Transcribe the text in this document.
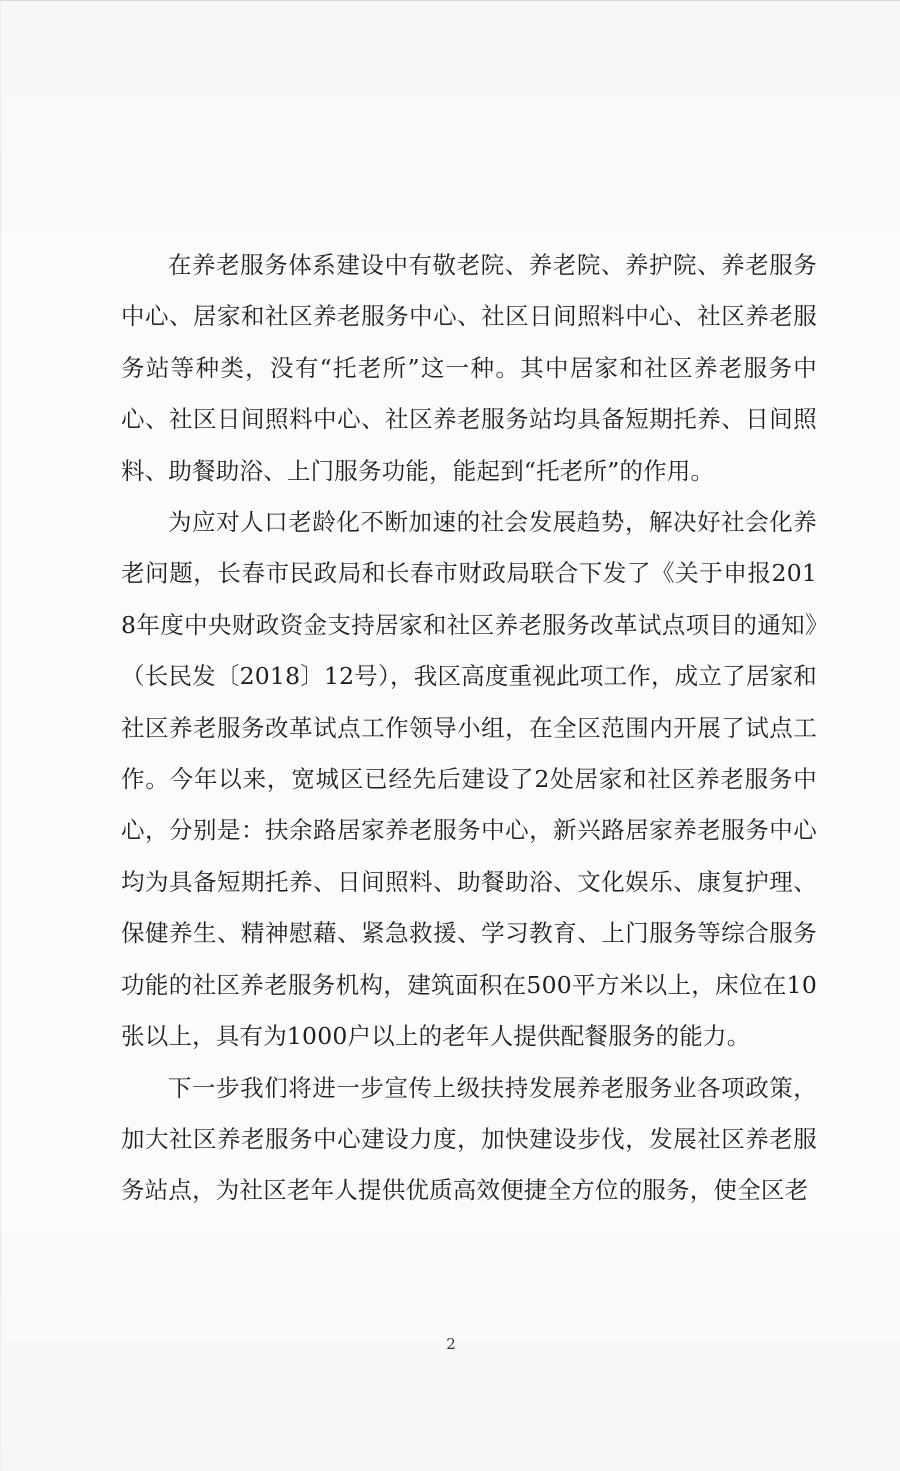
在养老服务体系建设中有敬老院、养老院、养护院、养老服务中心、居家和社区养老服务中心、社区日间照料中心、社区养老服务站等种类，没有“托老所”这一种。其中居家和社区养老服务中心、社区日间照料中心、社区养老服务站均具备短期托养、日间照料、助餐助浴、上门服务功能，能起到“托老所”的作用。

为应对人口老龄化不断加速的社会发展趋势，解决好社会化养老问题，长春市民政局和长春市财政局联合下发了《关于申报2018年度中央财政资金支持居家和社区养老服务改革试点项目的通知》（长民发〔2018〕12号），我区高度重视此项工作，成立了居家和社区养老服务改革试点工作领导小组，在全区范围内开展了试点工作。今年以来，宽城区已经先后建设了2处居家和社区养老服务中心，分别是：扶余路居家养老服务中心，新兴路居家养老服务中心均为具备短期托养、日间照料、助餐助浴、文化娱乐、康复护理、保健养生、精神慰藉、紧急救援、学习教育、上门服务等综合服务功能的社区养老服务机构，建筑面积在500平方米以上，床位在10张以上，具有为1000户以上的老年人提供配餐服务的能力。

下一步我们将进一步宣传上级扶持发展养老服务业各项政策，加大社区养老服务中心建设力度，加快建设步伐，发展社区养老服务站点，为社区老年人提供优质高效便捷全方位的服务，使全区老

2
